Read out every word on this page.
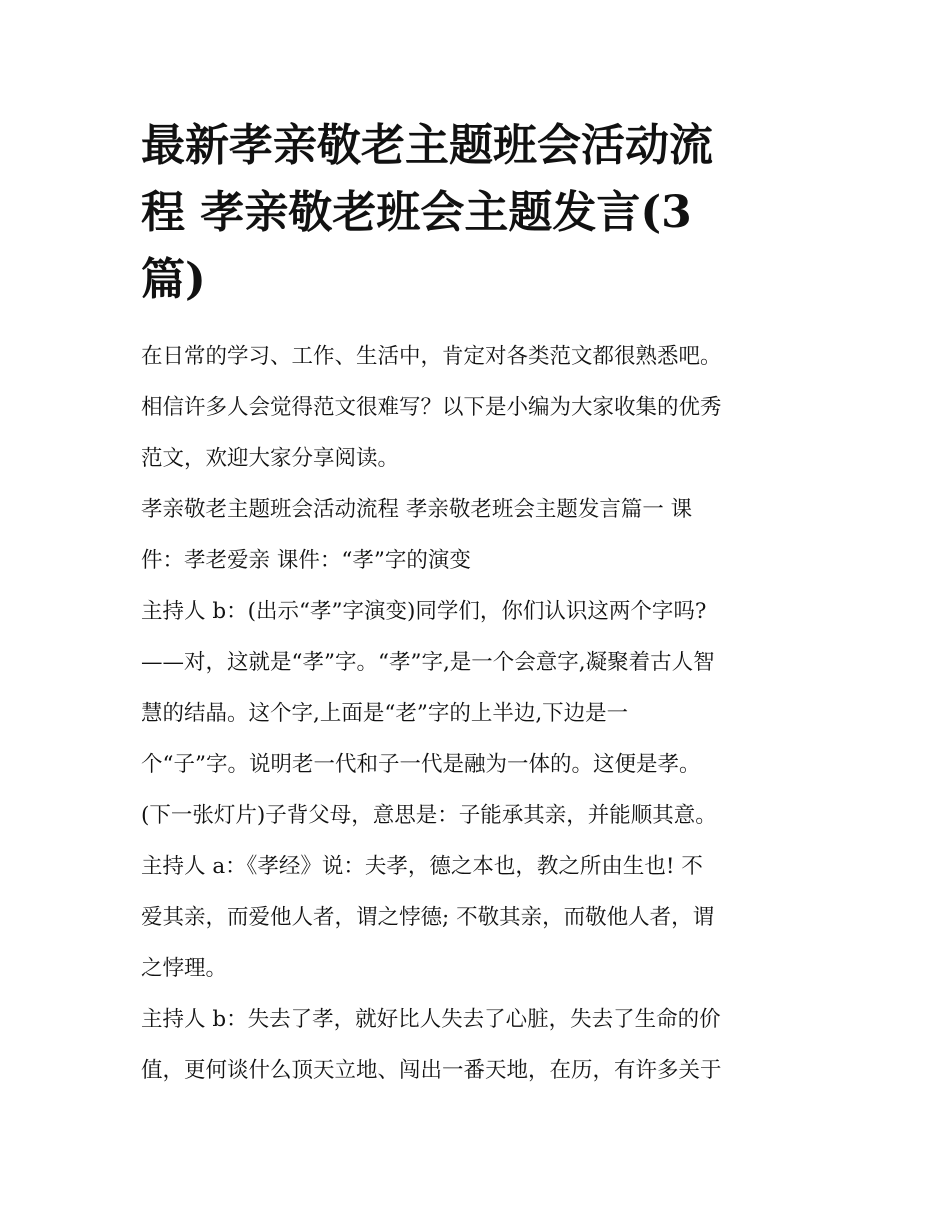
最新孝亲敬老主题班会活动流
程 孝亲敬老班会主题发言(3
篇)
在日常的学习、工作、生活中，肯定对各类范文都很熟悉吧。
相信许多人会觉得范文很难写？以下是小编为大家收集的优秀
范文，欢迎大家分享阅读。
孝亲敬老主题班会活动流程 孝亲敬老班会主题发言篇一 课
件：孝老爱亲 课件：“孝”字的演变
主持人 b：(出示“孝”字演变)同学们，你们认识这两个字吗?
——对，这就是“孝”字。“孝”字,是一个会意字,凝聚着古人智
慧的结晶。这个字,上面是“老”字的上半边,下边是一
个“子”字。说明老一代和子一代是融为一体的。这便是孝。
(下一张灯片)子背父母，意思是：子能承其亲，并能顺其意。
主持人 a：《孝经》说：夫孝，德之本也，教之所由生也! 不
爱其亲，而爱他人者，谓之悖德; 不敬其亲，而敬他人者，谓
之悖理。
主持人 b：失去了孝，就好比人失去了心脏，失去了生命的价
值，更何谈什么顶天立地、闯出一番天地，在历，有许多关于
